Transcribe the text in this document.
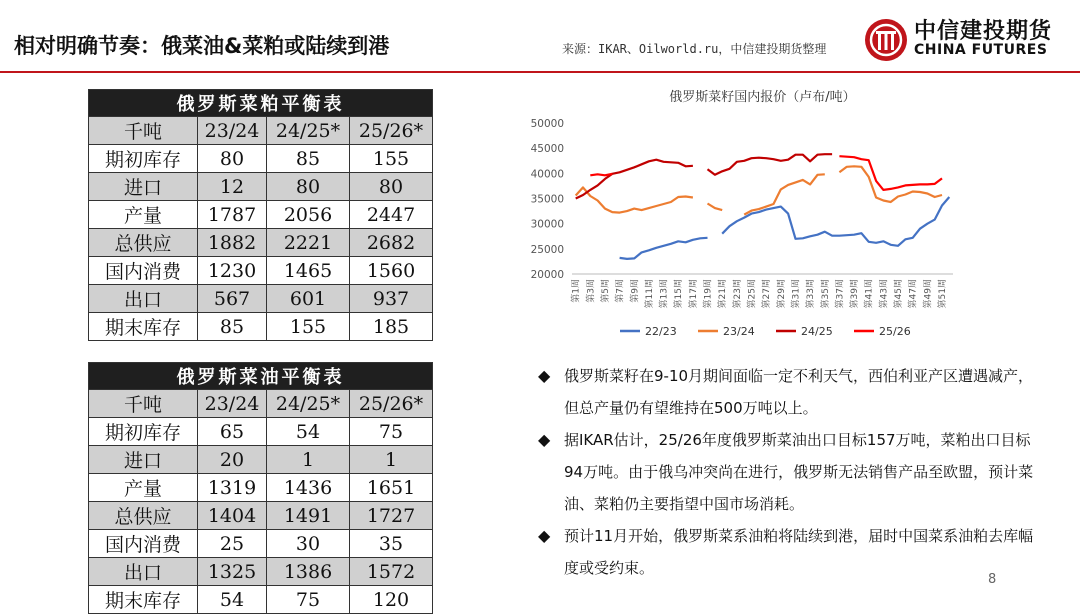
相对明确节奏：俄菜油&菜粕或陆续到港	来源：IKAR、Oilworld.ru，中信建投期货整理
中信建投期货
CHINA FUTURES
俄罗斯菜粕平衡表			
千吨	23/24	24/25*	25/26*
期初库存	80	85	155
进口	12	80	80
产量	1787	2056	2447
总供应	1882	2221	2682
国内消费	1230	1465	1560
出口	567	601	937
期末库存	85	155	185
俄罗斯菜油平衡表			
千吨	23/24	24/25*	25/26*
期初库存	65	54	75
进口	20	1	1
产量	1319	1436	1651
总供应	1404	1491	1727
国内消费	25	30	35
出口	1325	1386	1572
期末库存	54	75	120
俄罗斯菜籽国内报价（卢布/吨）
20000
25000
30000
35000
40000
45000
50000
第1周 第3周 第5周 第7周 第9周 第11周 第13周 第15周 第17周 第19周 第21周 第23周 第25周 第27周 第29周 第31周 第33周 第35周 第37周 第39周 第41周 第43周 第45周 第47周 第49周 第51周
22/23	23/24	24/25	25/26
◆ 俄罗斯菜籽在9-10月期间面临一定不利天气，西伯利亚产区遭遇减产，但总产量仍有望维持在500万吨以上。
◆ 据IKAR估计，25/26年度俄罗斯菜油出口目标157万吨，菜粕出口目标94万吨。由于俄乌冲突尚在进行，俄罗斯无法销售产品至欧盟，预计菜油、菜粕仍主要指望中国市场消耗。
◆ 预计11月开始，俄罗斯菜系油粕将陆续到港，届时中国菜系油粕去库幅度或受约束。
8
